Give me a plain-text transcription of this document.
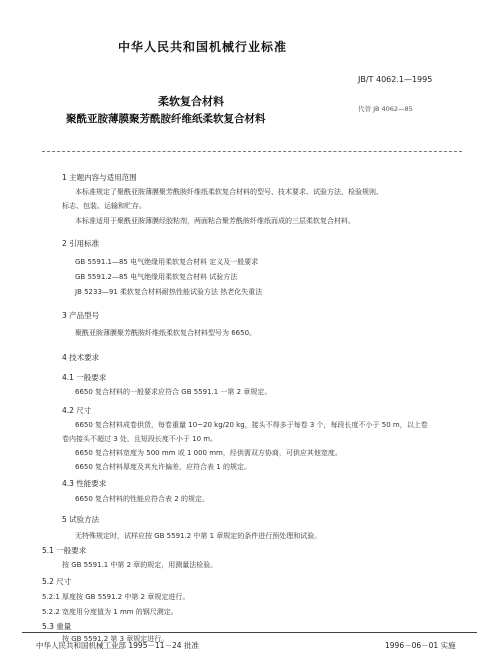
中华人民共和国机械行业标准
JB/T 4062.1—1995
代替 JB 4062—85
柔软复合材料
聚酰亚胺薄膜聚芳酰胺纤维纸柔软复合材料
1 主题内容与适用范围
本标准规定了聚酰亚胺薄膜聚芳酰胺纤维纸柔软复合材料的型号、技术要求、试验方法、检验规则、
标志、包装、运输和贮存。
本标准适用于聚酰亚胺薄膜经胶粘剂，两面粘合聚芳酰胺纤维纸而成的三层柔软复合材料。
2 引用标准
GB 5591.1—85 电气绝缘用柔软复合材料 定义及一般要求
GB 5591.2—85 电气绝缘用柔软复合材料 试验方法
JB 5233—91 柔软复合材料耐热性能试验方法 热老化失重法
3 产品型号
聚酰亚胺薄膜聚芳酰胺纤维纸柔软复合材料型号为 6650。
4 技术要求
4.1 一般要求
6650 复合材料的一般要求应符合 GB 5591.1 一第 2 章规定。
4.2 尺寸
6650 复合材料成卷供货，每卷重量 10~20 kg/20 kg，接头不得多于每卷 3 个，每段长度不小于 50 m，以上卷
卷内接头不超过 3 处，且短段长度不小于 10 m。
6650 复合材料宽度为 500 mm 或 1 000 mm，经供需双方协商，可供应其他宽度。
6650 复合材料厚度及其允许偏差，应符合表 1 的规定。
4.3 性能要求
6650 复合材料的性能应符合表 2 的规定。
5 试验方法
无特殊规定时，试样应按 GB 5591.2 中第 1 章规定的条件进行预处理和试验。
5.1 一般要求
按 GB 5591.1 中第 2 章的规定，用测量法检验。
5.2 尺寸
5.2.1 厚度按 GB 5591.2 中第 2 章规定进行。
5.2.2 宽度用分度值为 1 mm 的钢尺测定。
5.3 重量
按 GB 5591.2 第 3 章规定进行。
中华人民共和国机械工业部 1995－11－24 批准	1996－06－01 实施
